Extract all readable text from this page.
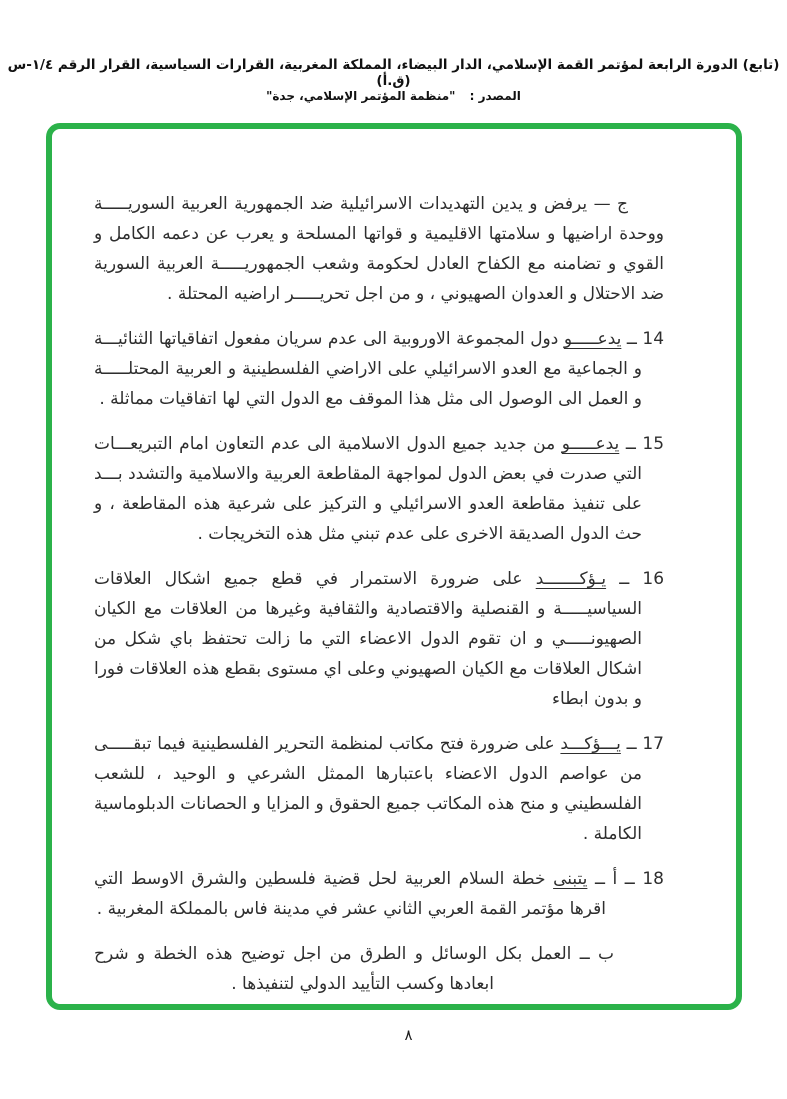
(تابع) الدورة الرابعة لمؤتمر القمة الإسلامي، الدار البيضاء، المملكة المغربية، القرارات السياسية، القرار الرقم ١/٤-س (ق.أ)
المصدر : "منظمة المؤتمر الإسلامي، جدة"

ج — يرفض و يدين التهديدات الاسرائيلية ضد الجمهورية العربية السوريـــــة ووحدة اراضيها و سلامتها الاقليمية و قواتها المسلحة و يعرب عن دعمه الكامل و القوي و تضامنه مع الكفاح العادل لحكومة وشعب الجمهوريـــــة العربية السورية ضد الاحتلال و العدوان الصهيوني ، و من اجل تحريـــــر اراضيه المحتلة .

14 ــ يدعـــــو دول المجموعة الاوروبية الى عدم سريان مفعول اتفاقياتها الثنائيـــة و الجماعية مع العدو الاسرائيلي على الاراضي الفلسطينية و العربية المحتلـــــة و العمل الى الوصول الى مثل هذا الموقف مع الدول التي لها اتفاقيات مماثلة .

15 ــ يدعـــــو من جديد جميع الدول الاسلامية الى عدم التعاون امام التبريعـــات التي صدرت في بعض الدول لمواجهة المقاطعة العربية والاسلامية والتشدد بـــد على تنفيذ مقاطعة العدو الاسرائيلي و التركيز على شرعية هذه المقاطعة ، و حث الدول الصديقة الاخرى على عدم تبني مثل هذه التخريجات .

16 ــ يـؤكـــــــد على ضرورة الاستمرار في قطع جميع اشكال العلاقات السياسيـــــة و القنصلية والاقتصادية والثقافية وغيرها من العلاقات مع الكيان الصهيونـــــي و ان تقوم الدول الاعضاء التي ما زالت تحتفظ باي شكل من اشكال العلاقات مع الكيان الصهيوني وعلى اي مستوى بقطع هذه العلاقات فورا و بدون ابطاء

17 ــ يـــؤكـــد على ضرورة فتح مكاتب لمنظمة التحرير الفلسطينية فيما تبقـــــى من عواصم الدول الاعضاء باعتبارها الممثل الشرعي و الوحيد ، للشعب الفلسطيني و منح هذه المكاتب جميع الحقوق و المزايا و الحصانات الدبلوماسية الكاملة .

18 ــ أ ــ يتبنى خطة السلام العربية لحل قضية فلسطين والشرق الاوسط التي اقرها مؤتمر القمة العربي الثاني عشر في مدينة فاس بالمملكة المغربية .

ب ــ العمل بكل الوسائل و الطرق من اجل توضيح هذه الخطة و شرح ابعادها وكسب التأييد الدولي لتنفيذها .

٨
